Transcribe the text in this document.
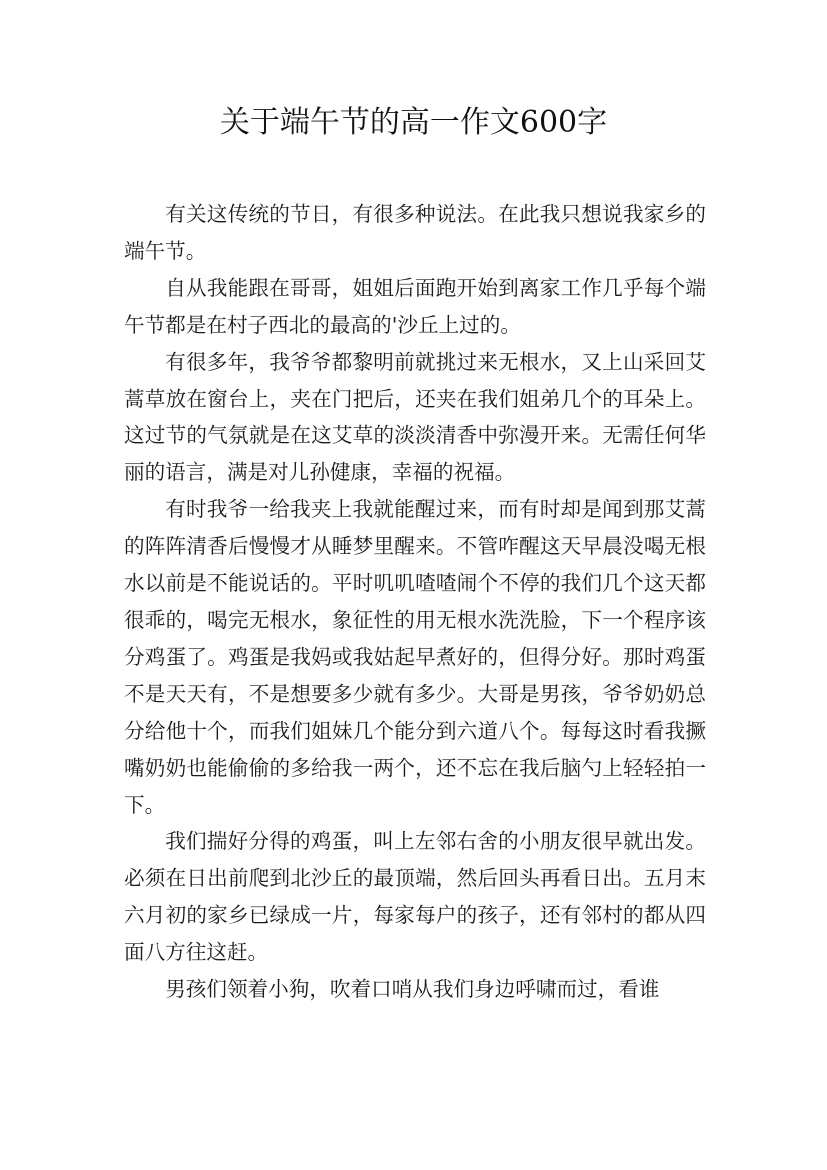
关于端午节的高一作文600字

有关这传统的节日，有很多种说法。在此我只想说我家乡的端午节。

自从我能跟在哥哥，姐姐后面跑开始到离家工作几乎每个端午节都是在村子西北的最高的'沙丘上过的。

有很多年，我爷爷都黎明前就挑过来无根水，又上山采回艾蒿草放在窗台上，夹在门把后，还夹在我们姐弟几个的耳朵上。这过节的气氛就是在这艾草的淡淡清香中弥漫开来。无需任何华丽的语言，满是对儿孙健康，幸福的祝福。

有时我爷一给我夹上我就能醒过来，而有时却是闻到那艾蒿的阵阵清香后慢慢才从睡梦里醒来。不管咋醒这天早晨没喝无根水以前是不能说话的。平时叽叽喳喳闹个不停的我们几个这天都很乖的，喝完无根水，象征性的用无根水洗洗脸，下一个程序该分鸡蛋了。鸡蛋是我妈或我姑起早煮好的，但得分好。那时鸡蛋不是天天有，不是想要多少就有多少。大哥是男孩，爷爷奶奶总分给他十个，而我们姐妹几个能分到六道八个。每每这时看我撅嘴奶奶也能偷偷的多给我一两个，还不忘在我后脑勺上轻轻拍一下。

我们揣好分得的鸡蛋，叫上左邻右舍的小朋友很早就出发。必须在日出前爬到北沙丘的最顶端，然后回头再看日出。五月末六月初的家乡已绿成一片，每家每户的孩子，还有邻村的都从四面八方往这赶。

男孩们领着小狗，吹着口哨从我们身边呼啸而过，看谁
